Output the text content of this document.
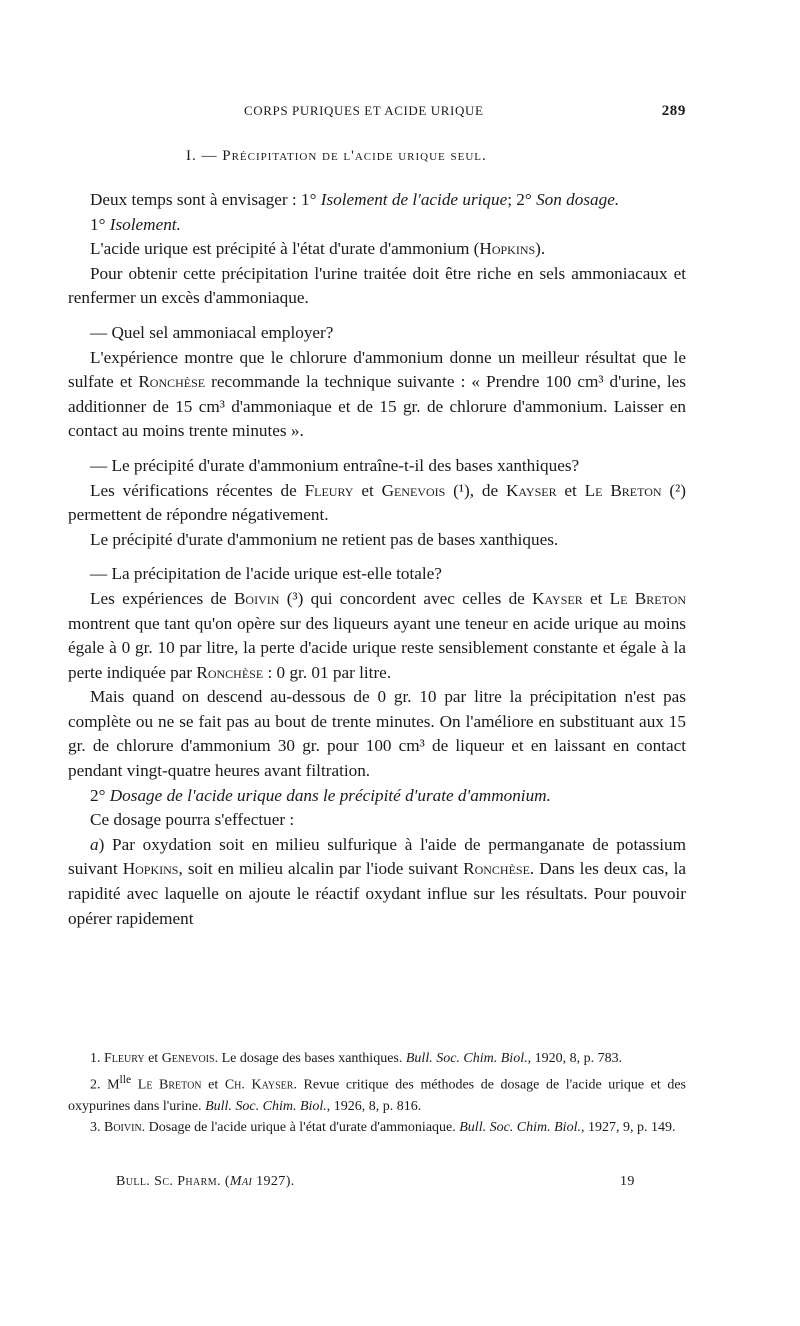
CORPS PURIQUES ET ACIDE URIQUE	289
I. — Précipitation de l'acide urique seul.

Deux temps sont à envisager : 1° Isolement de l'acide urique; 2° Son dosage.

1° Isolement.

L'acide urique est précipité à l'état d'urate d'ammonium (Hopkins).

Pour obtenir cette précipitation l'urine traitée doit être riche en sels ammoniacaux et renfermer un excès d'ammoniaque.

— Quel sel ammoniacal employer?

L'expérience montre que le chlorure d'ammonium donne un meilleur résultat que le sulfate et Ronchèse recommande la technique suivante : « Prendre 100 cm³ d'urine, les additionner de 15 cm³ d'ammoniaque et de 15 gr. de chlorure d'ammonium. Laisser en contact au moins trente minutes ».

— Le précipité d'urate d'ammonium entraîne-t-il des bases xanthiques?

Les vérifications récentes de Fleury et Genevois (¹), de Kayser et Le Breton (²) permettent de répondre négativement.

Le précipité d'urate d'ammonium ne retient pas de bases xanthiques.

— La précipitation de l'acide urique est-elle totale?

Les expériences de Boivin (³) qui concordent avec celles de Kayser et Le Breton montrent que tant qu'on opère sur des liqueurs ayant une teneur en acide urique au moins égale à 0 gr. 10 par litre, la perte d'acide urique reste sensiblement constante et égale à la perte indiquée par Ronchèse : 0 gr. 01 par litre.

Mais quand on descend au-dessous de 0 gr. 10 par litre la précipitation n'est pas complète ou ne se fait pas au bout de trente minutes. On l'améliore en substituant aux 15 gr. de chlorure d'ammonium 30 gr. pour 100 cm³ de liqueur et en laissant en contact pendant vingt-quatre heures avant filtration.

2° Dosage de l'acide urique dans le précipité d'urate d'ammonium.

Ce dosage pourra s'effectuer :

a) Par oxydation soit en milieu sulfurique à l'aide de permanganate de potassium suivant Hopkins, soit en milieu alcalin par l'iode suivant Ronchèse. Dans les deux cas, la rapidité avec laquelle on ajoute le réactif oxydant influe sur les résultats. Pour pouvoir opérer rapidement

1. Fleury et Genevois. Le dosage des bases xanthiques. Bull. Soc. Chim. Biol., 1920, 8, p. 783.

2. $M^{lle}$ Le Breton et Ch. Kayser. Revue critique des méthodes de dosage de l'acide urique et des oxypurines dans l'urine. Bull. Soc. Chim. Biol., 1926, 8, p. 816.

3. Boivin. Dosage de l'acide urique à l'état d'urate d'ammoniaque. Bull. Soc. Chim. Biol., 1927, 9, p. 149.

Bull. Sc. Pharm. (Mai 1927).	19
